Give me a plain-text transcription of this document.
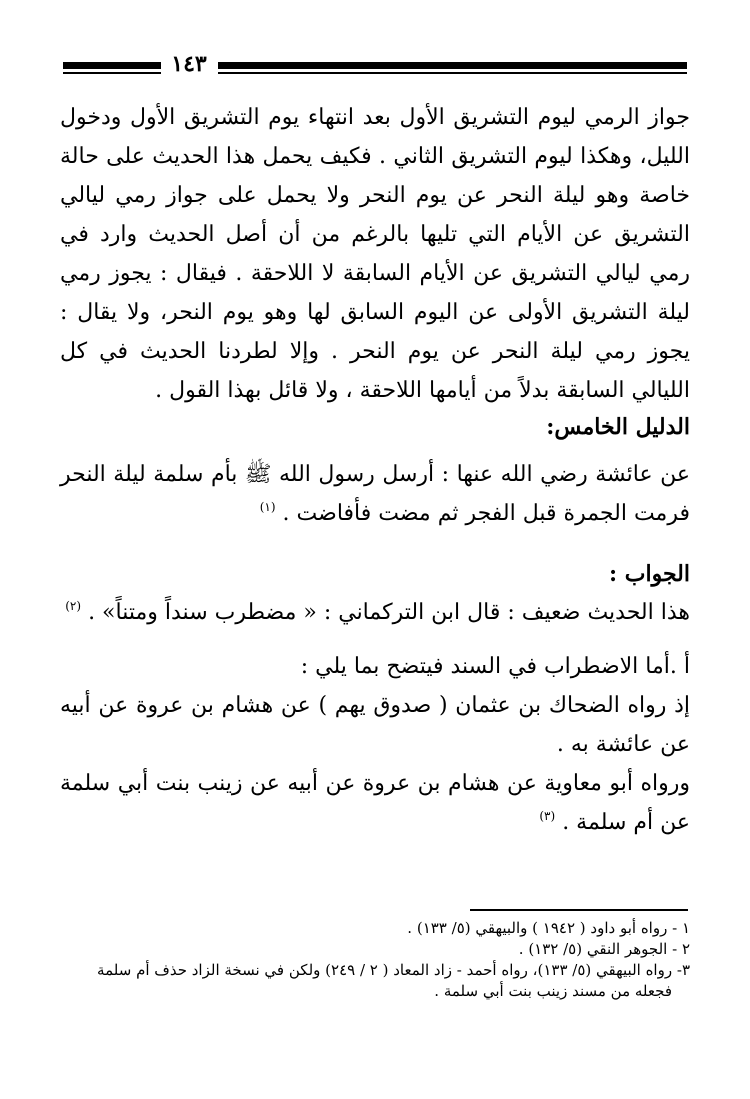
١٤٣

جواز الرمي ليوم التشريق الأول بعد انتهاء يوم التشريق الأول ودخول الليل، وهكذا ليوم التشريق الثاني . فكيف يحمل هذا الحديث على حالة خاصة وهو ليلة النحر عن يوم النحر ولا يحمل على جواز رمي ليالي التشريق عن الأيام التي تليها بالرغم من أن أصل الحديث وارد في رمي ليالي التشريق عن الأيام السابقة لا اللاحقة . فيقال : يجوز رمي ليلة التشريق الأولى عن اليوم السابق لها وهو يوم النحر، ولا يقال : يجوز رمي ليلة النحر عن يوم النحر . وإلا لطردنا الحديث في كل الليالي السابقة بدلاً من أيامها اللاحقة ، ولا قائل بهذا القول .

الدليل الخامس:

عن عائشة رضي الله عنها : أرسل رسول الله ﷺ بأم سلمة ليلة النحر فرمت الجمرة قبل الفجر ثم مضت فأفاضت . $^{(١)}$

الجواب :

هذا الحديث ضعيف : قال ابن التركماني : « مضطرب سنداً ومتناً» . $^{(٢)}$

أ .أما الاضطراب في السند فيتضح بما يلي :

إذ رواه الضحاك بن عثمان ( صدوق يهم ) عن هشام بن عروة عن أبيه عن عائشة به .

ورواه أبو معاوية عن هشام بن عروة عن أبيه عن زينب بنت أبي سلمة عن أم سلمة . $^{(٣)}$

١ - رواه أبو داود ( ١٩٤٢ ) والبيهقي (٥/ ١٣٣) .
٢ - الجوهر النقي (٥/ ١٣٢) .
٣- رواه البيهقي (٥/ ١٣٣)، رواه أحمد - زاد المعاد ( ٢ / ٢٤٩) ولكن في نسخة الزاد حذف أم سلمة
فجعله من مسند زينب بنت أبي سلمة .
